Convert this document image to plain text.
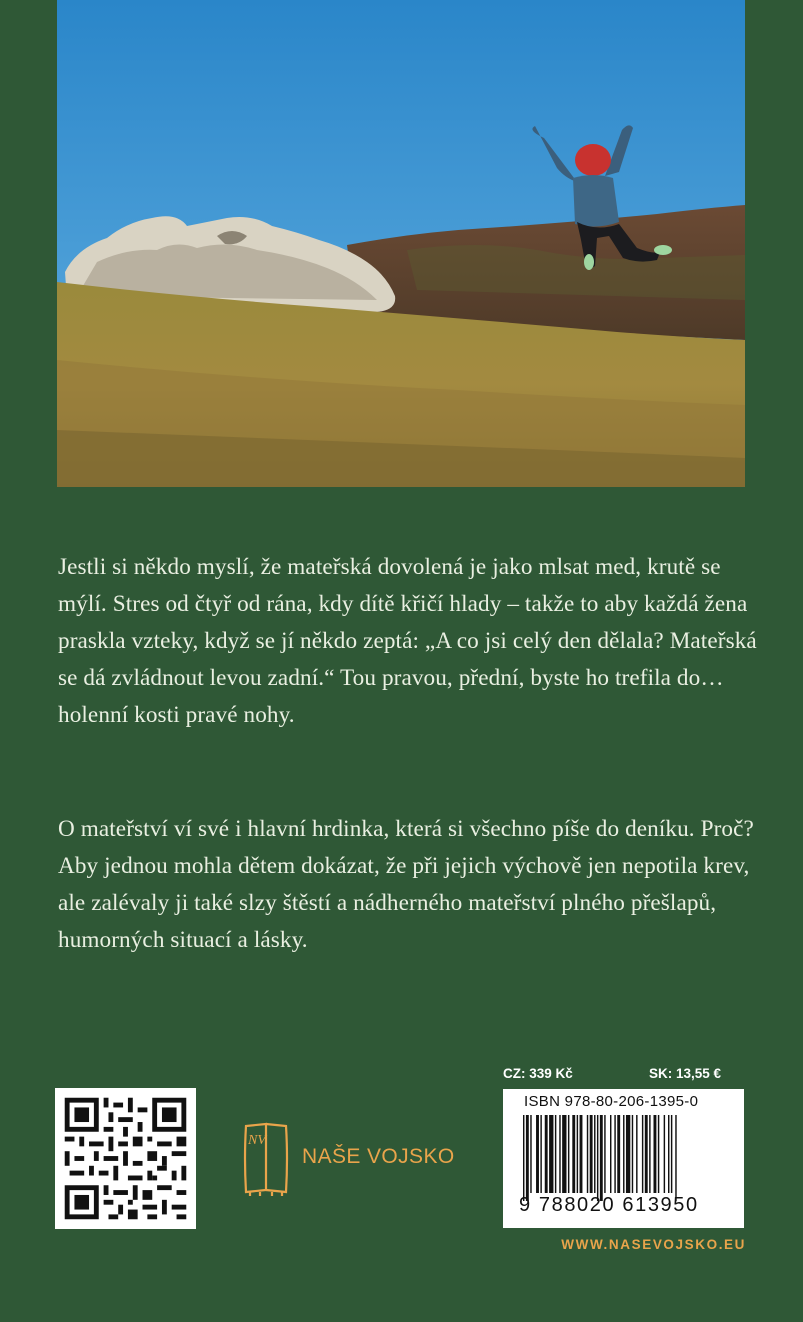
Jestli si někdo myslí, že mateřská dovolená je jako mlsat med, krutě se mýlí. Stres od čtyř od rána, kdy dítě křičí hlady – takže to aby každá žena praskla vzteky, když se jí někdo zeptá: „A co jsi celý den dělala? Mateřská se dá zvládnout levou zadní.“ Tou pravou, přední, byste ho trefila do… holenní kosti pravé nohy.

O mateřství ví své i hlavní hrdinka, která si všechno píše do deníku. Proč? Aby jednou mohla dětem dokázat, že při jejich výchově jen nepotila krev, ale zalévaly ji také slzy štěstí a nádherného mateřství plného přešlapů, humorných situací a lásky.

NV
NAŠE VOJSKO
CZ: 339 Kč	SK: 13,55 €
ISBN 978-80-206-1395-0
9 788020 613950
WWW.NASEVOJSKO.EU
